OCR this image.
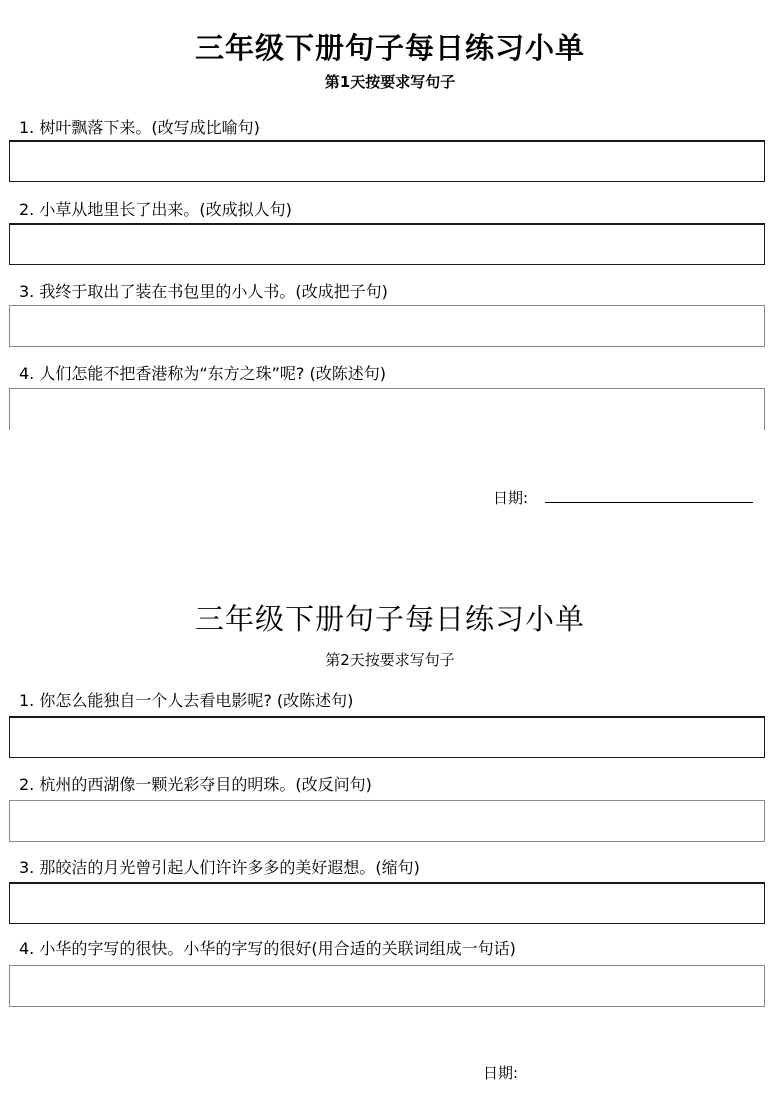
三年级下册句子每日练习小单
第1天按要求写句子
1. 树叶飘落下来。(改写成比喻句)
2. 小草从地里长了出来。(改成拟人句)
3. 我终于取出了装在书包里的小人书。(改成把子句)
4. 人们怎能不把香港称为“东方之珠”呢? (改陈述句)
日期:
三年级下册句子每日练习小单
第2天按要求写句子
1. 你怎么能独自一个人去看电影呢? (改陈述句)
2. 杭州的西湖像一颗光彩夺目的明珠。(改反问句)
3. 那皎洁的月光曾引起人们许许多多的美好遐想。(缩句)
4. 小华的字写的很快。小华的字写的很好(用合适的关联词组成一句话)
日期:
